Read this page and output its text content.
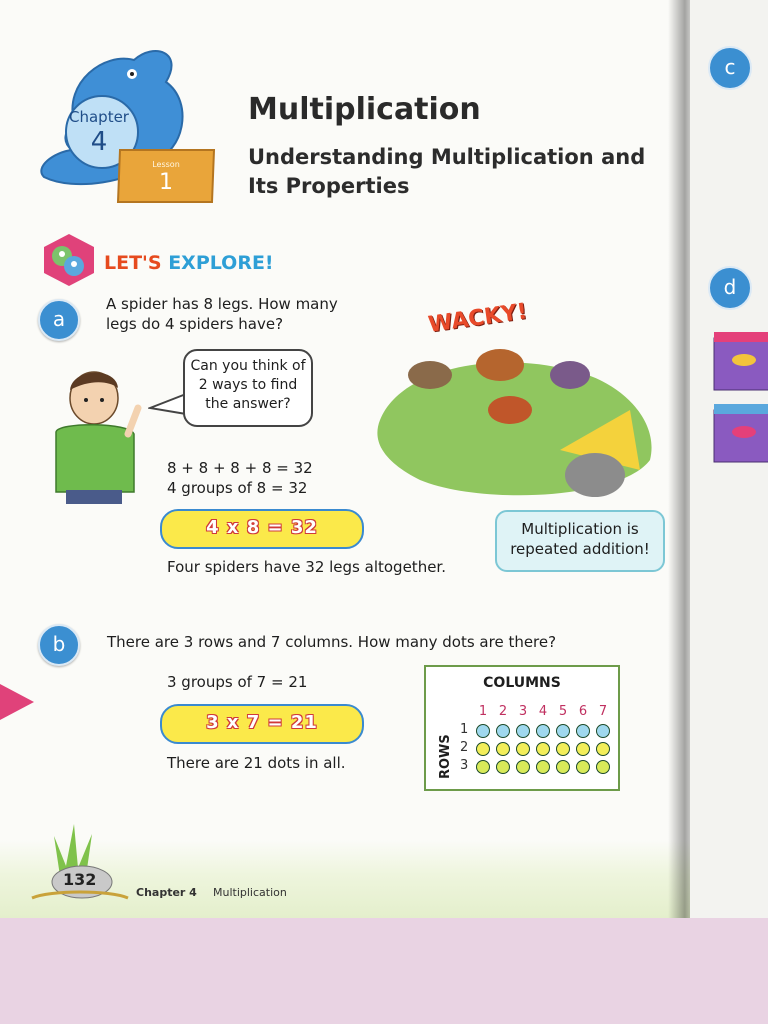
Chapter
4
Lesson
1
Multiplication
Understanding Multiplication and
Its Properties
LET'S EXPLORE!
a
A spider has 8 legs. How many
legs do 4 spiders have?
Can you think of
2 ways to find
the answer?
WACKY!
8 + 8 + 8 + 8 = 32
4 groups of 8 = 32
4 x 8 = 32
Four spiders have 32 legs altogether.
Multiplication is
repeated addition!
b	There are 3 rows and 7 columns. How many dots are there?
3 groups of 7 = 21
3 x 7 = 21
There are 21 dots in all.
COLUMNS
ROWS
1 2 3 4 5 6 7
1
2
3
132
Chapter 4 Multiplication
c
d
